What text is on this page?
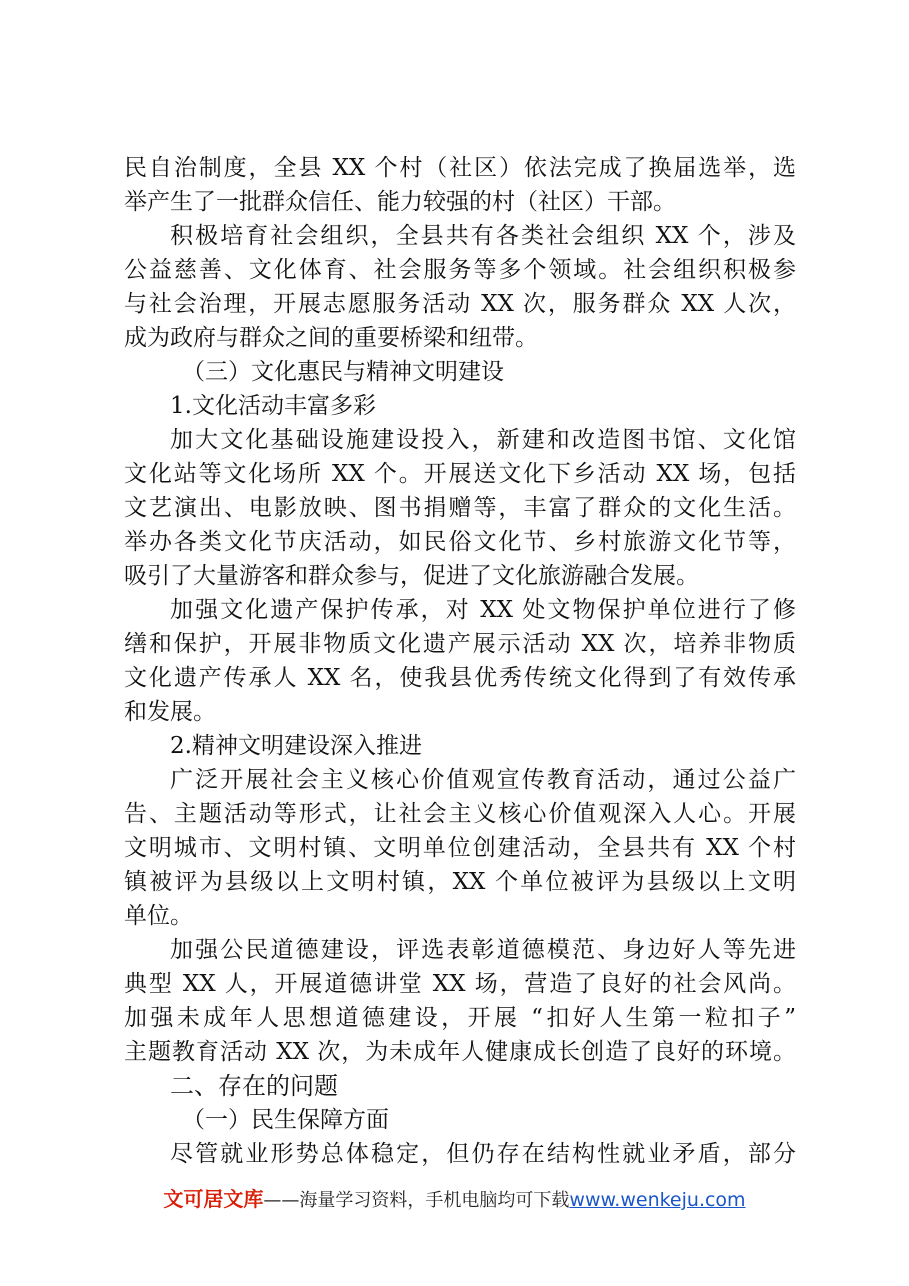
民自治制度，全县 XX 个村（社区）依法完成了换届选举，选
举产生了一批群众信任、能力较强的村（社区）干部。
积极培育社会组织，全县共有各类社会组织 XX 个，涉及
公益慈善、文化体育、社会服务等多个领域。社会组织积极参
与社会治理，开展志愿服务活动 XX 次，服务群众 XX 人次，
成为政府与群众之间的重要桥梁和纽带。
（三）文化惠民与精神文明建设
1.文化活动丰富多彩
加大文化基础设施建设投入，新建和改造图书馆、文化馆
文化站等文化场所 XX 个。开展送文化下乡活动 XX 场，包括
文艺演出、电影放映、图书捐赠等，丰富了群众的文化生活。
举办各类文化节庆活动，如民俗文化节、乡村旅游文化节等，
吸引了大量游客和群众参与，促进了文化旅游融合发展。
加强文化遗产保护传承，对 XX 处文物保护单位进行了修
缮和保护，开展非物质文化遗产展示活动 XX 次，培养非物质
文化遗产传承人 XX 名，使我县优秀传统文化得到了有效传承
和发展。
2.精神文明建设深入推进
广泛开展社会主义核心价值观宣传教育活动，通过公益广
告、主题活动等形式，让社会主义核心价值观深入人心。开展
文明城市、文明村镇、文明单位创建活动，全县共有 XX 个村
镇被评为县级以上文明村镇，XX 个单位被评为县级以上文明
单位。
加强公民道德建设，评选表彰道德模范、身边好人等先进
典型 XX 人，开展道德讲堂 XX 场，营造了良好的社会风尚。
加强未成年人思想道德建设，开展 “扣好人生第一粒扣子”
主题教育活动 XX 次，为未成年人健康成长创造了良好的环境。
二、存在的问题
（一）民生保障方面
尽管就业形势总体稳定，但仍存在结构性就业矛盾，部分
文可居文库——海量学习资料，手机电脑均可下载www.wenkeju.com
